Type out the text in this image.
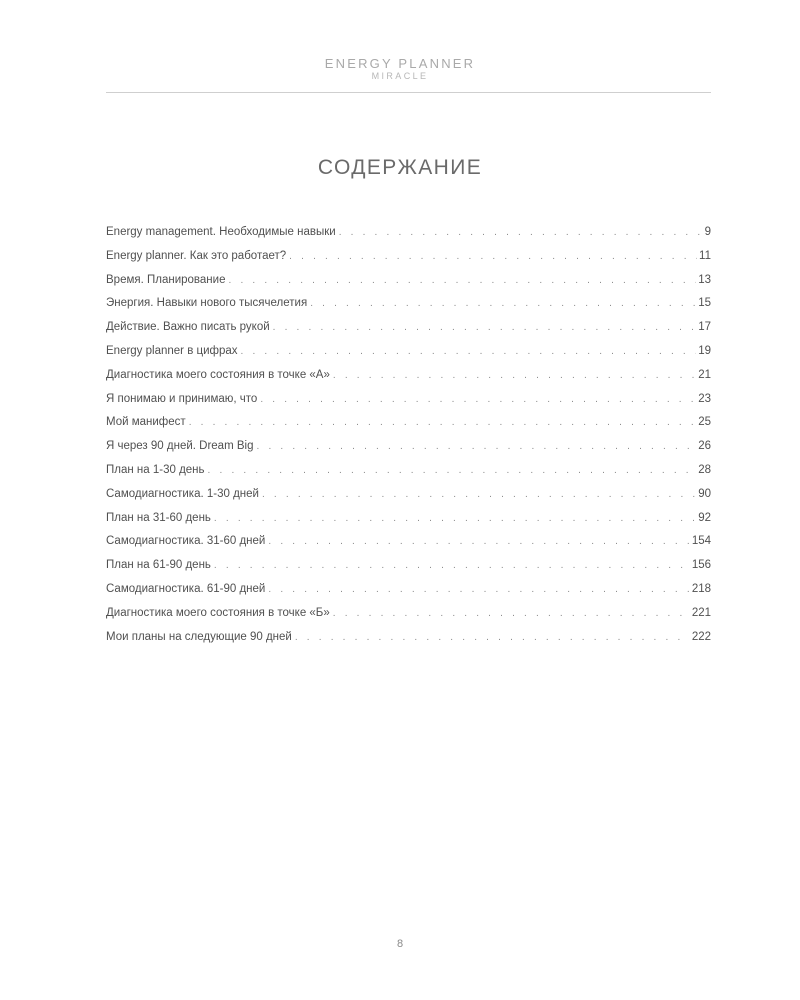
ENERGY PLANNER
MIRACLE
СОДЕРЖАНИЕ
Energy management. Необходимые навыки . . .	9
Energy planner. Как это работает? . . .	11
Время. Планирование . . .	13
Энергия. Навыки нового тысячелетия . . .	15
Действие. Важно писать рукой . . .	17
Energy planner в цифрах . . .	19
Диагностика моего состояния в точке «А» . . .	21
Я понимаю и принимаю, что . . .	23
Мой манифест . . .	25
Я через 90 дней. Dream Big . . .	26
План на 1-30 день . . .	28
Самодиагностика. 1-30 дней . . .	90
План на 31-60 день . . .	92
Самодиагностика. 31-60 дней . . .	154
План на 61-90 день . . .	156
Самодиагностика. 61-90 дней . . .	218
Диагностика моего состояния в точке «Б» . . .	221
Мои планы на следующие 90 дней . . .	222
8
